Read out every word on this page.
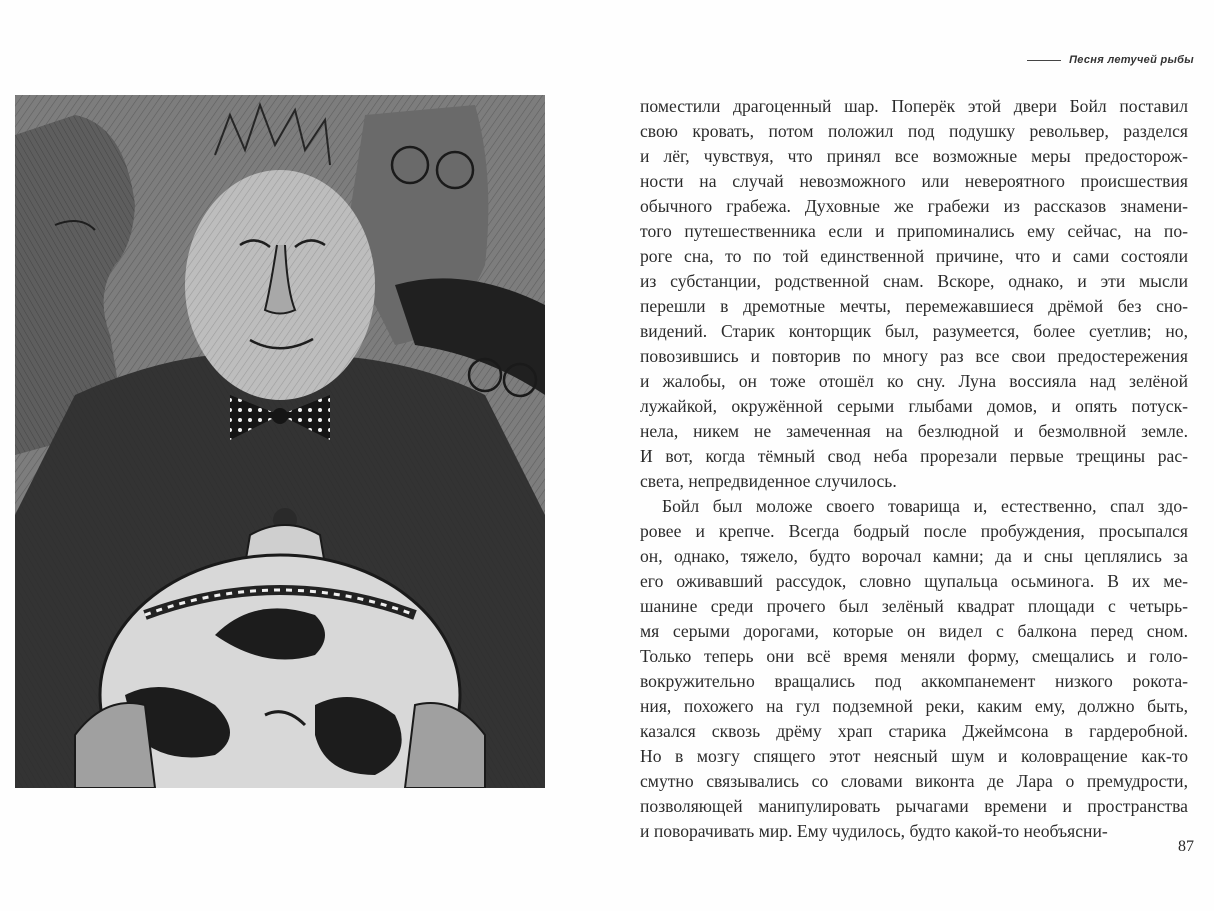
Песня летучей рыбы
поместили драгоценный шар. Поперёк этой двери Бойл поставил
свою кровать, потом положил под подушку револьвер, разделся
и лёг, чувствуя, что принял все возможные меры предосторож-
ности на случай невозможного или невероятного происшествия
обычного грабежа. Духовные же грабежи из рассказов знамени-
того путешественника если и припоминались ему сейчас, на по-
роге сна, то по той единственной причине, что и сами состояли
из субстанции, родственной снам. Вскоре, однако, и эти мысли
перешли в дремотные мечты, перемежавшиеся дрёмой без сно-
видений. Старик конторщик был, разумеется, более суетлив; но,
повозившись и повторив по многу раз все свои предостережения
и жалобы, он тоже отошёл ко сну. Луна воссияла над зелёной
лужайкой, окружённой серыми глыбами домов, и опять потуск-
нела, никем не замеченная на безлюдной и безмолвной земле.
И вот, когда тёмный свод неба прорезали первые трещины рас-
света, непредвиденное случилось.
Бойл был моложе своего товарища и, естественно, спал здо-
ровее и крепче. Всегда бодрый после пробуждения, просыпался
он, однако, тяжело, будто ворочал камни; да и сны цеплялись за
его оживавший рассудок, словно щупальца осьминога. В их ме-
шанине среди прочего был зелёный квадрат площади с четырь-
мя серыми дорогами, которые он видел с балкона перед сном.
Только теперь они всё время меняли форму, смещались и голо-
вокружительно вращались под аккомпанемент низкого рокота-
ния, похожего на гул подземной реки, каким ему, должно быть,
казался сквозь дрёму храп старика Джеймсона в гардеробной.
Но в мозгу спящего этот неясный шум и коловращение как-то
смутно связывались со словами виконта де Лара о премудрости,
позволяющей манипулировать рычагами времени и пространства
и поворачивать мир. Ему чудилось, будто какой-то необъясни-
87
